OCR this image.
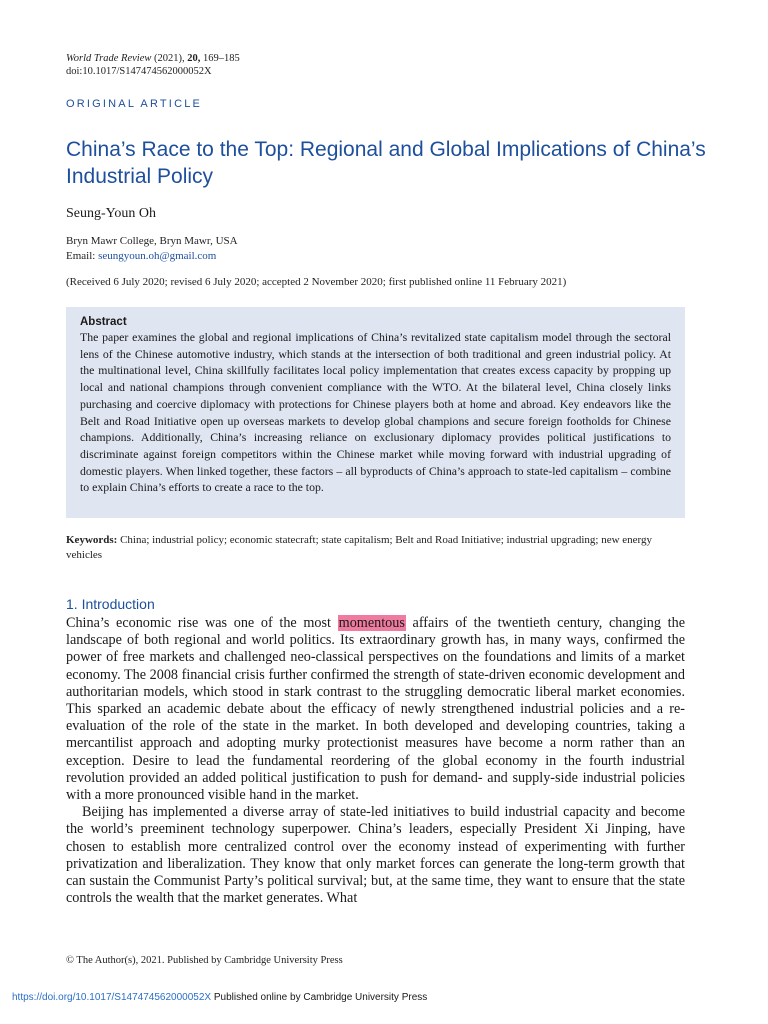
World Trade Review (2021), 20, 169–185
doi:10.1017/S147474562000052X
ORIGINAL ARTICLE
China’s Race to the Top: Regional and Global Implications of China’s Industrial Policy
Seung-Youn Oh
Bryn Mawr College, Bryn Mawr, USA
Email: seungyoun.oh@gmail.com
(Received 6 July 2020; revised 6 July 2020; accepted 2 November 2020; first published online 11 February 2021)
Abstract

The paper examines the global and regional implications of China’s revitalized state capitalism model through the sectoral lens of the Chinese automotive industry, which stands at the intersection of both traditional and green industrial policy. At the multinational level, China skillfully facilitates local policy implementation that creates excess capacity by propping up local and national champions through convenient compliance with the WTO. At the bilateral level, China closely links purchasing and coercive diplomacy with protections for Chinese players both at home and abroad. Key endeavors like the Belt and Road Initiative open up overseas markets to develop global champions and secure foreign footholds for Chinese champions. Additionally, China’s increasing reliance on exclusionary diplomacy provides political justifications to discriminate against foreign competitors within the Chinese market while moving forward with industrial upgrading of domestic players. When linked together, these factors – all byproducts of China’s approach to state-led capitalism – combine to explain China’s efforts to create a race to the top.

Keywords: China; industrial policy; economic statecraft; state capitalism; Belt and Road Initiative; industrial upgrading; new energy vehicles
1. Introduction

China’s economic rise was one of the most momentous affairs of the twentieth century, changing the landscape of both regional and world politics. Its extraordinary growth has, in many ways, confirmed the power of free markets and challenged neo-classical perspectives on the foundations and limits of a market economy. The 2008 financial crisis further confirmed the strength of state-driven economic development and authoritarian models, which stood in stark contrast to the struggling democratic liberal market economies. This sparked an academic debate about the efficacy of newly strengthened industrial policies and a re-evaluation of the role of the state in the market. In both developed and developing countries, taking a mercantilist approach and adopting murky protectionist measures have become a norm rather than an exception. Desire to lead the fundamental reordering of the global economy in the fourth industrial revolution provided an added political justification to push for demand- and supply-side industrial policies with a more pronounced visible hand in the market.

Beijing has implemented a diverse array of state-led initiatives to build industrial capacity and become the world’s preeminent technology superpower. China’s leaders, especially President Xi Jinping, have chosen to establish more centralized control over the economy instead of experimenting with further privatization and liberalization. They know that only market forces can generate the long-term growth that can sustain the Communist Party’s political survival; but, at the same time, they want to ensure that the state controls the wealth that the market generates. What

© The Author(s), 2021. Published by Cambridge University Press
https://doi.org/10.1017/S147474562000052X Published online by Cambridge University Press
